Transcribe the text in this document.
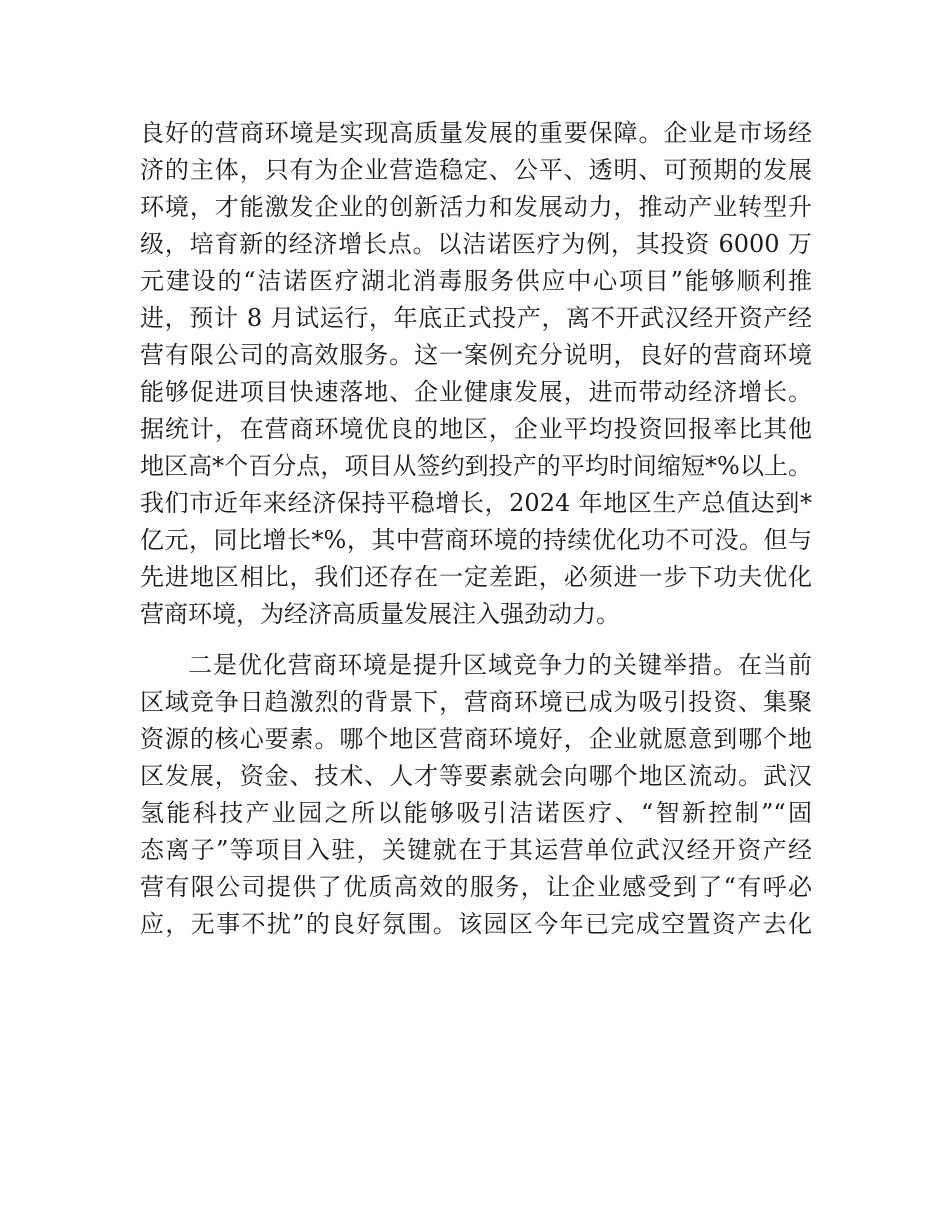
良好的营商环境是实现高质量发展的重要保障。企业是市场经

济的主体，只有为企业营造稳定、公平、透明、可预期的发展

环境，才能激发企业的创新活力和发展动力，推动产业转型升

级，培育新的经济增长点。以洁诺医疗为例，其投资 6000 万

元建设的“洁诺医疗湖北消毒服务供应中心项目”能够顺利推

进，预计 8 月试运行，年底正式投产，离不开武汉经开资产经

营有限公司的高效服务。这一案例充分说明，良好的营商环境

能够促进项目快速落地、企业健康发展，进而带动经济增长。

据统计，在营商环境优良的地区，企业平均投资回报率比其他

地区高*个百分点，项目从签约到投产的平均时间缩短*%以上。

我们市近年来经济保持平稳增长，2024 年地区生产总值达到*

亿元，同比增长*%，其中营商环境的持续优化功不可没。但与

先进地区相比，我们还存在一定差距，必须进一步下功夫优化

营商环境，为经济高质量发展注入强劲动力。

二是优化营商环境是提升区域竞争力的关键举措。在当前

区域竞争日趋激烈的背景下，营商环境已成为吸引投资、集聚

资源的核心要素。哪个地区营商环境好，企业就愿意到哪个地

区发展，资金、技术、人才等要素就会向哪个地区流动。武汉

氢能科技产业园之所以能够吸引洁诺医疗、“智新控制”“固

态离子”等项目入驻，关键就在于其运营单位武汉经开资产经

营有限公司提供了优质高效的服务，让企业感受到了“有呼必

应，无事不扰”的良好氛围。该园区今年已完成空置资产去化
